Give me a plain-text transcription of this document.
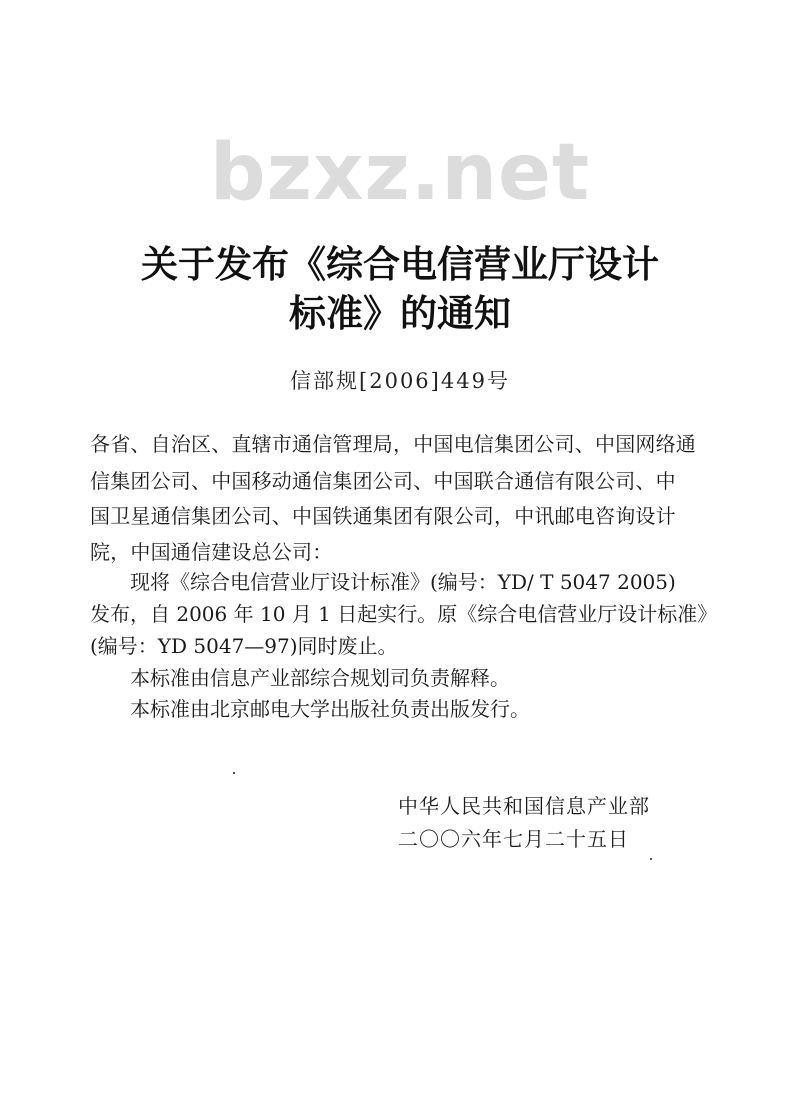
bzxz.net
关于发布《综合电信营业厅设计
标准》的通知
信部规[2006]449号
各省、自治区、直辖市通信管理局，中国电信集团公司、中国网络通
信集团公司、中国移动通信集团公司、中国联合通信有限公司、中
国卫星通信集团公司、中国铁通集团有限公司，中讯邮电咨询设计
院，中国通信建设总公司：
现将《综合电信营业厅设计标准》(编号：YD/ T 5047 2005)
发布，自 2006 年 10 月 1 日起实行。原《综合电信营业厅设计标准》
(编号：YD 5047—97)同时废止。
本标准由信息产业部综合规划司负责解释。
本标准由北京邮电大学出版社负责出版发行。
中华人民共和国信息产业部
二〇〇六年七月二十五日
